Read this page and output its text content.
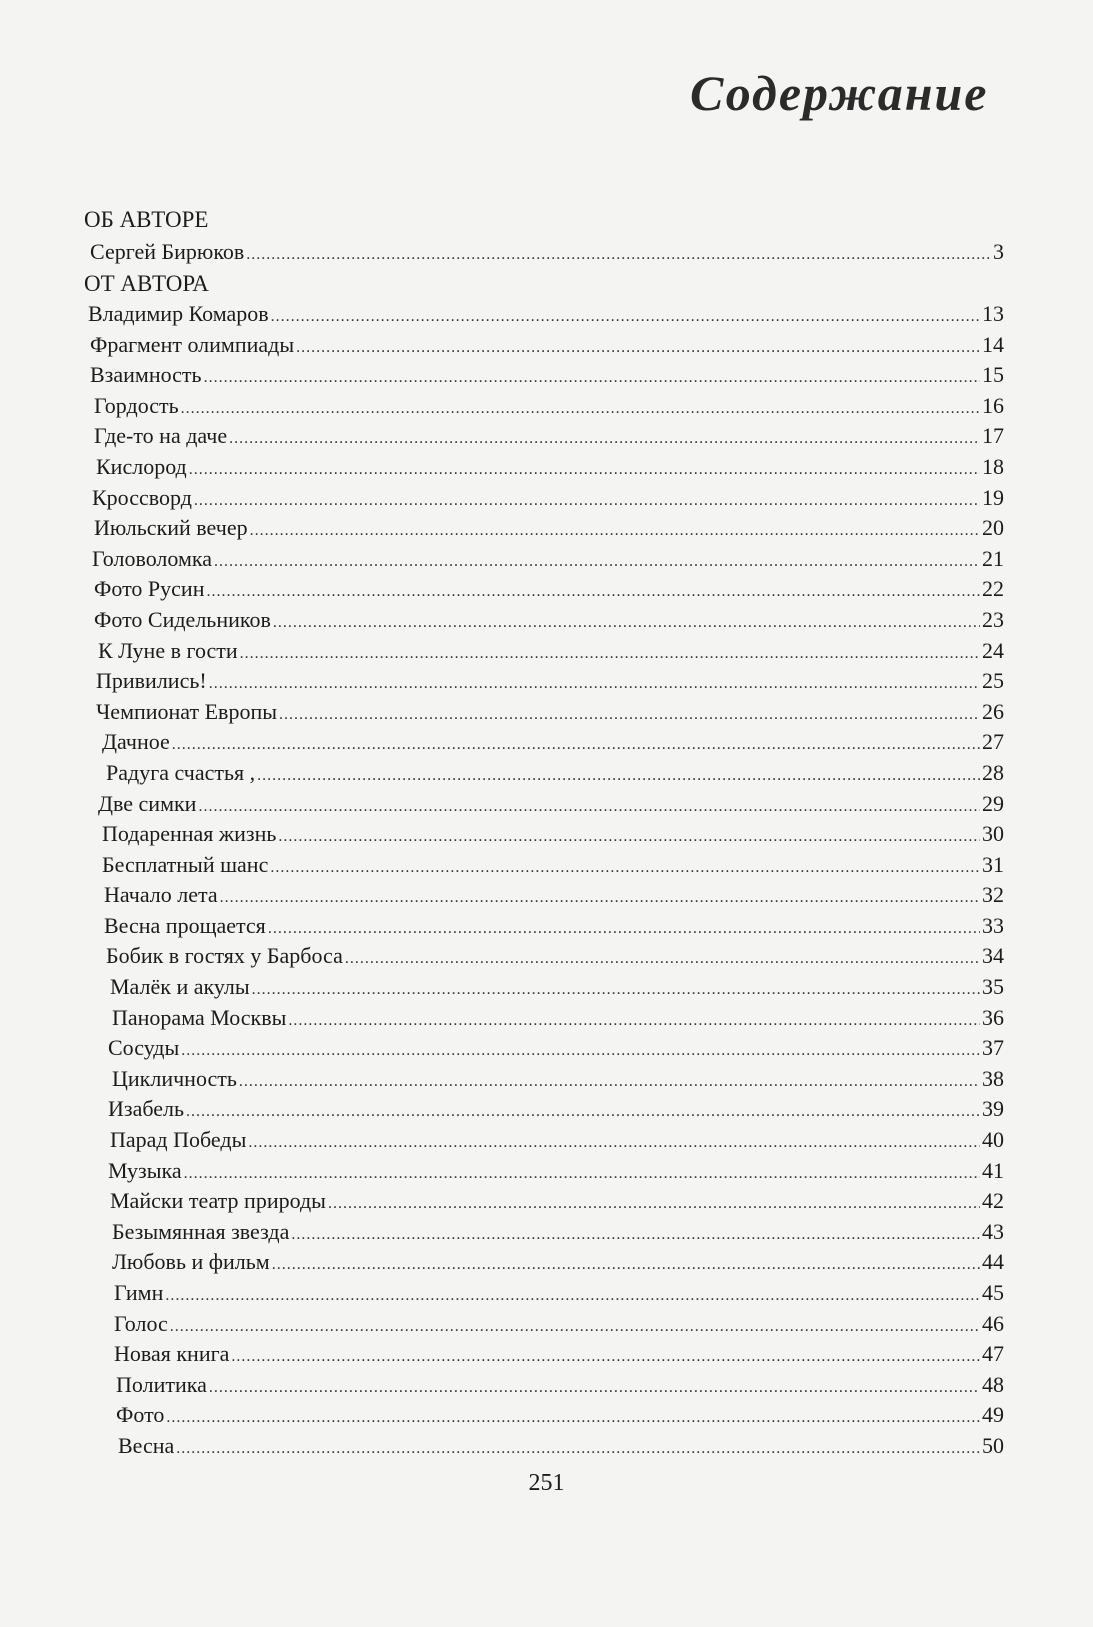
Содержание
ОБ АВТОРЕ
Сергей Бирюков .....	3
ОТ АВТОРА
Владимир Комаров .....	13
Фрагмент олимпиады .....	14
Взаимность .....	15
Гордость .....	16
Где-то на даче .....	17
Кислород .....	18
Кроссворд .....	19
Июльский вечер .....	20
Головоломка .....	21
Фото Русин .....	22
Фото Сидельников .....	23
К Луне в гости .....	24
Привились! .....	25
Чемпионат Европы .....	26
Дачное .....	27
Радуга счастья , .....	28
Две симки .....	29
Подаренная жизнь .....	30
Бесплатный шанс .....	31
Начало лета .....	32
Весна прощается .....	33
Бобик в гостях у Барбоса .....	34
Малёк и акулы .....	35
Панорама Москвы .....	36
Сосуды .....	37
Цикличность .....	38
Изабель .....	39
Парад Победы .....	40
Музыка .....	41
Майски театр природы .....	42
Безымянная звезда .....	43
Любовь и фильм .....	44
Гимн .....	45
Голос .....	46
Новая книга .....	47
Политика .....	48
Фото .....	49
Весна .....	50
251
